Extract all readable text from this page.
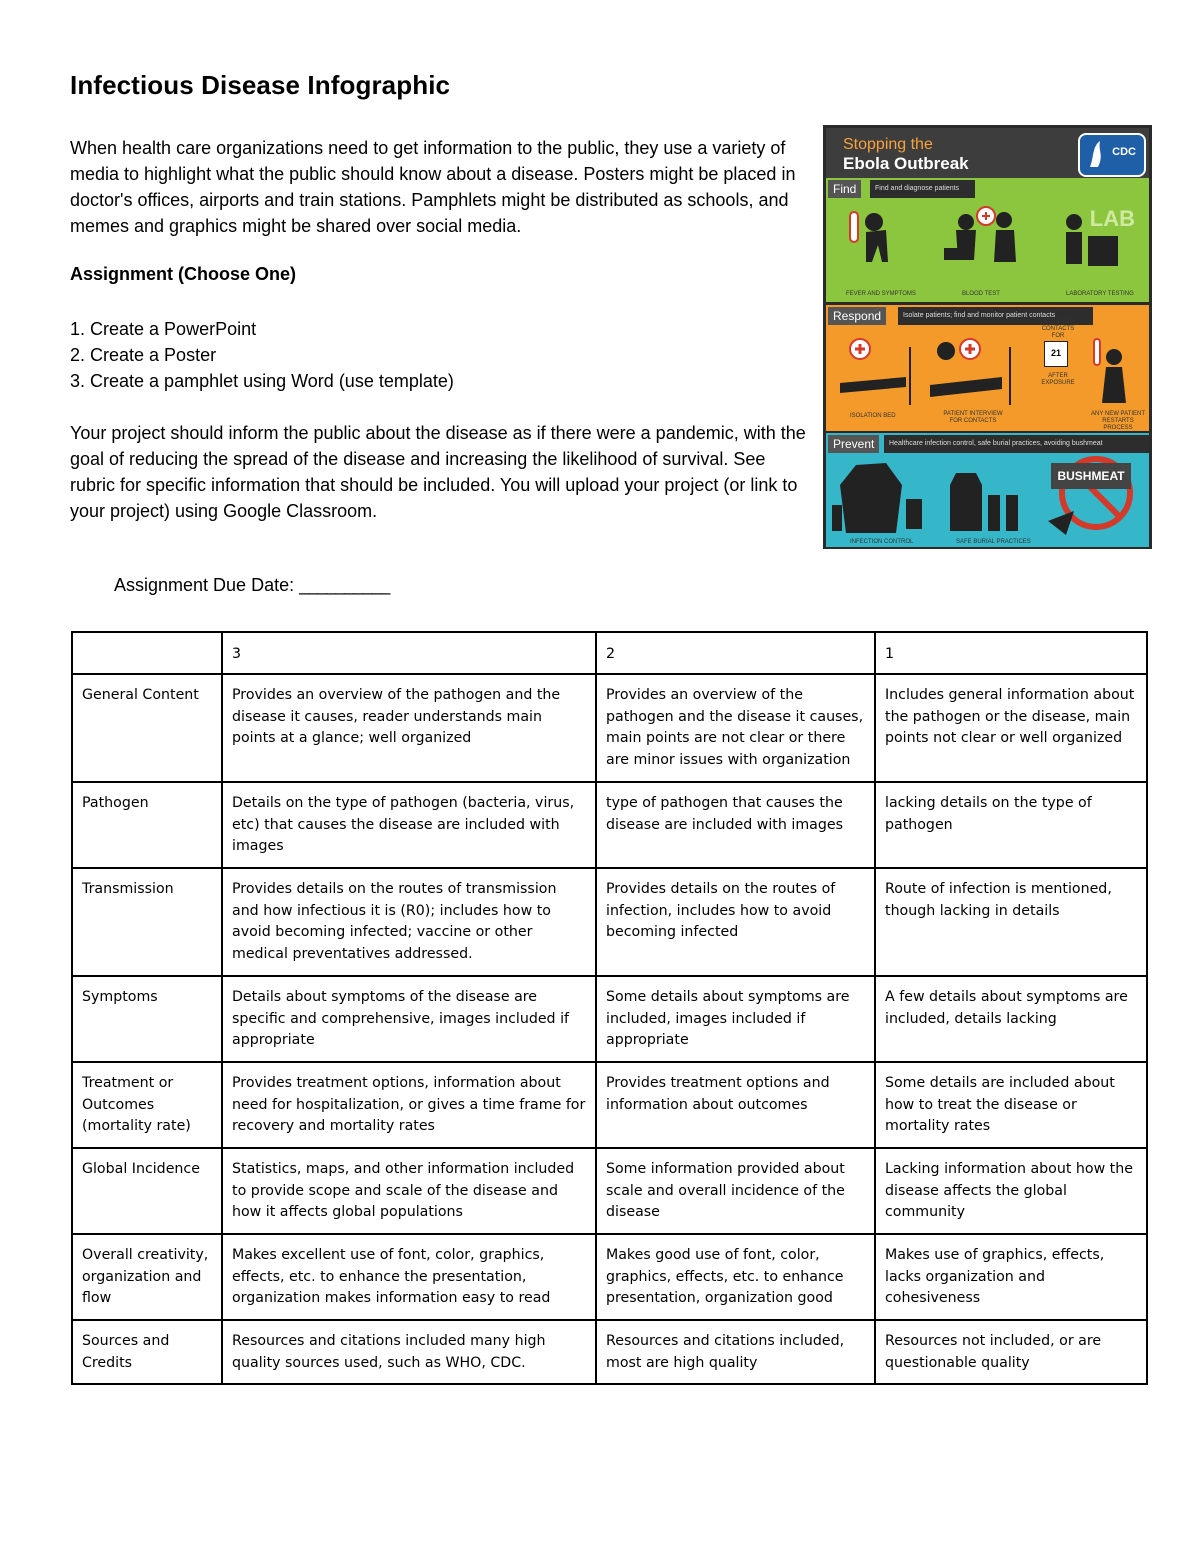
Infectious Disease Infographic
When health care organizations need to get information to the public, they use a variety of media to highlight what the public should know about a disease. Posters might be placed in doctor's offices, airports and train stations. Pamphlets might be distributed as schools, and memes and graphics might be shared over social media.
Assignment (Choose One)
1. Create a PowerPoint
2. Create a Poster
3. Create a pamphlet using Word (use template)
Your project should inform the public about the disease as if there were a pandemic, with the goal of reducing the spread of the disease and increasing the likelihood of survival. See rubric for specific information that should be included. You will upload your project (or link to your project) using Google Classroom.
Assignment Due Date: __________
Stopping the
Ebola Outbreak
CDC
Find	Find and diagnose patients
LAB
FEVER AND SYMPTOMS	BLOOD TEST	LABORATORY TESTING
Respond	Isolate patients; find and monitor patient contacts
21
ISOLATION BED	PATIENT INTERVIEW FOR CONTACTS
MONITOR CONTACTS FOR
AFTER EXPOSURE
ANY NEW PATIENT RESTARTS PROCESS
Prevent	Healthcare infection control, safe burial practices, avoiding bushmeat
BUSHMEAT
INFECTION CONTROL	SAFE BURIAL PRACTICES
	3	2	1
General Content	Provides an overview of the pathogen and the disease it causes, reader understands main points at a glance; well organized	Provides an overview of the pathogen and the disease it causes, main points are not clear or there are minor issues with organization	Includes general information about the pathogen or the disease, main points not clear or well organized
Pathogen	Details on the type of pathogen (bacteria, virus, etc) that causes the disease are included with images	type of pathogen that causes the disease are included with images	lacking details on the type of pathogen
Transmission	Provides details on the routes of transmission and how infectious it is (R0); includes how to avoid becoming infected; vaccine or other medical preventatives addressed.	Provides details on the routes of infection, includes how to avoid becoming infected	Route of infection is mentioned, though lacking in details
Symptoms	Details about symptoms of the disease are specific and comprehensive, images included if appropriate	Some details about symptoms are included, images included if appropriate	A few details about symptoms are included, details lacking
Treatment or Outcomes (mortality rate)	Provides treatment options, information about need for hospitalization, or gives a time frame for recovery and mortality rates	Provides treatment options and information about outcomes	Some details are included about how to treat the disease or mortality rates
Global Incidence	Statistics, maps, and other information included to provide scope and scale of the disease and how it affects global populations	Some information provided about scale and overall incidence of the disease	Lacking information about how the disease affects the global community
Overall creativity, organization and flow	Makes excellent use of font, color, graphics, effects, etc. to enhance the presentation, organization makes information easy to read	Makes good use of font, color, graphics, effects, etc. to enhance presentation, organization good	Makes use of graphics, effects, lacks organization and cohesiveness
Sources and Credits	Resources and citations included many high quality sources used, such as WHO, CDC.	Resources and citations included, most are high quality	Resources not included, or are questionable quality
